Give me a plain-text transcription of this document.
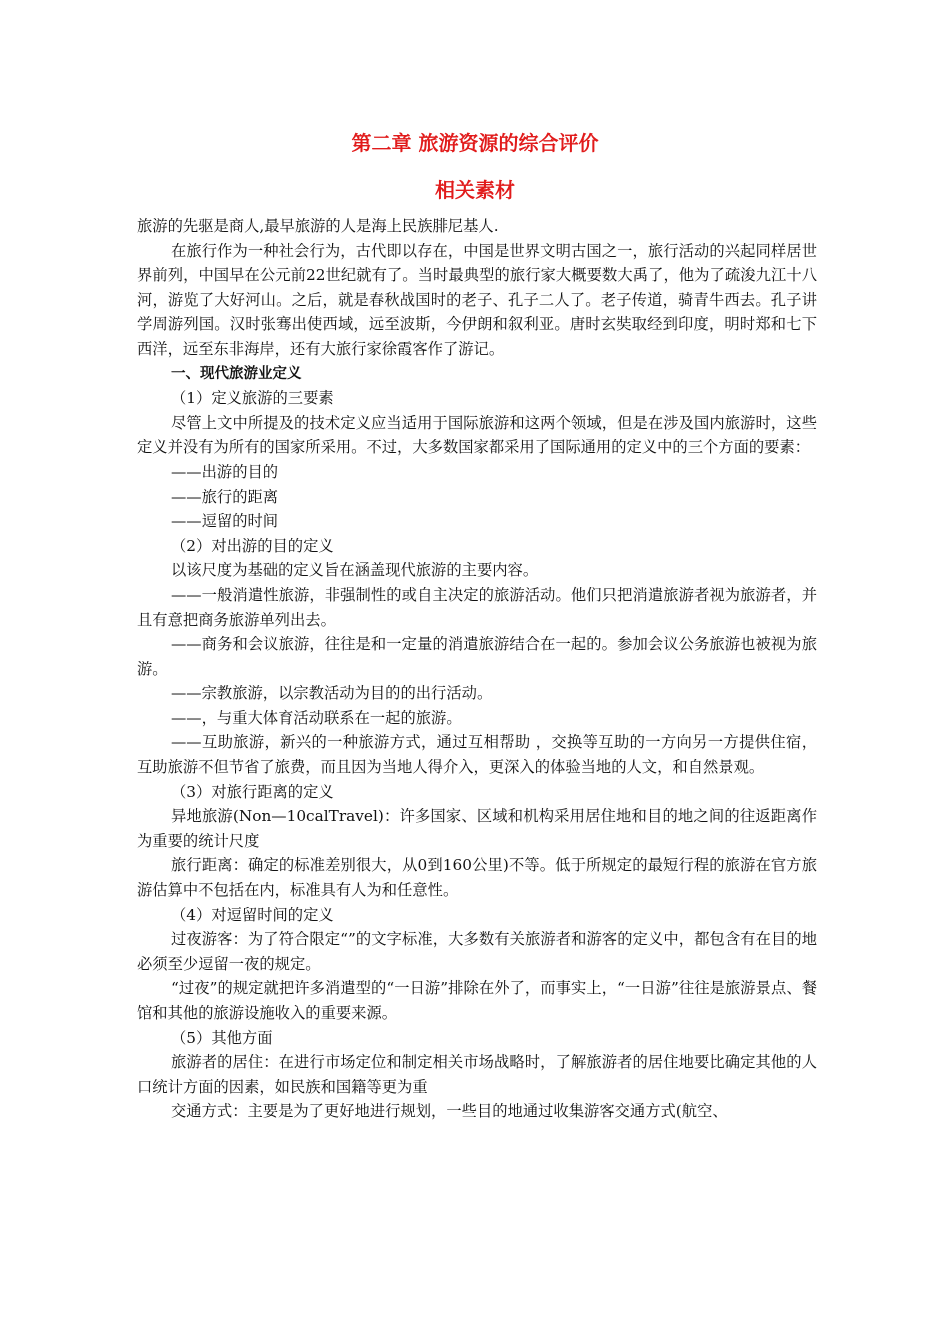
第二章 旅游资源的综合评价
相关素材

旅游的先驱是商人,最早旅游的人是海上民族腓尼基人.

在旅行作为一种社会行为，古代即以存在，中国是世界文明古国之一，旅行活动的兴起同样居世界前列，中国早在公元前22世纪就有了。当时最典型的旅行家大概要数大禹了，他为了疏浚九江十八河，游览了大好河山。之后，就是春秋战国时的老子、孔子二人了。老子传道，骑青牛西去。孔子讲学周游列国。汉时张骞出使西域，远至波斯，今伊朗和叙利亚。唐时玄奘取经到印度，明时郑和七下西洋，远至东非海岸，还有大旅行家徐霞客作了游记。

一、现代旅游业定义

（1）定义旅游的三要素

尽管上文中所提及的技术定义应当适用于国际旅游和这两个领域，但是在涉及国内旅游时，这些定义并没有为所有的国家所采用。不过，大多数国家都采用了国际通用的定义中的三个方面的要素：

——出游的目的

——旅行的距离

——逗留的时间

（2）对出游的目的定义

以该尺度为基础的定义旨在涵盖现代旅游的主要内容。

——一般消遣性旅游，非强制性的或自主决定的旅游活动。他们只把消遣旅游者视为旅游者，并且有意把商务旅游单列出去。

——商务和会议旅游，往往是和一定量的消遣旅游结合在一起的。参加会议公务旅游也被视为旅游。

——宗教旅游，以宗教活动为目的的出行活动。

——，与重大体育活动联系在一起的旅游。

——互助旅游，新兴的一种旅游方式，通过互相帮助 ，交换等互助的一方向另一方提供住宿，互助旅游不但节省了旅费，而且因为当地人得介入，更深入的体验当地的人文，和自然景观。

（3）对旅行距离的定义

异地旅游(Non—10calTravel)：许多国家、区域和机构采用居住地和目的地之间的往返距离作为重要的统计尺度

旅行距离：确定的标准差别很大，从0到160公里)不等。低于所规定的最短行程的旅游在官方旅游估算中不包括在内，标准具有人为和任意性。

（4）对逗留时间的定义

过夜游客：为了符合限定“”的文字标准，大多数有关旅游者和游客的定义中，都包含有在目的地必须至少逗留一夜的规定。

“过夜”的规定就把许多消遣型的“一日游”排除在外了，而事实上，“一日游”往往是旅游景点、餐馆和其他的旅游设施收入的重要来源。

（5）其他方面

旅游者的居住：在进行市场定位和制定相关市场战略时，了解旅游者的居住地要比确定其他的人口统计方面的因素，如民族和国籍等更为重

交通方式：主要是为了更好地进行规划，一些目的地通过收集游客交通方式(航空、
